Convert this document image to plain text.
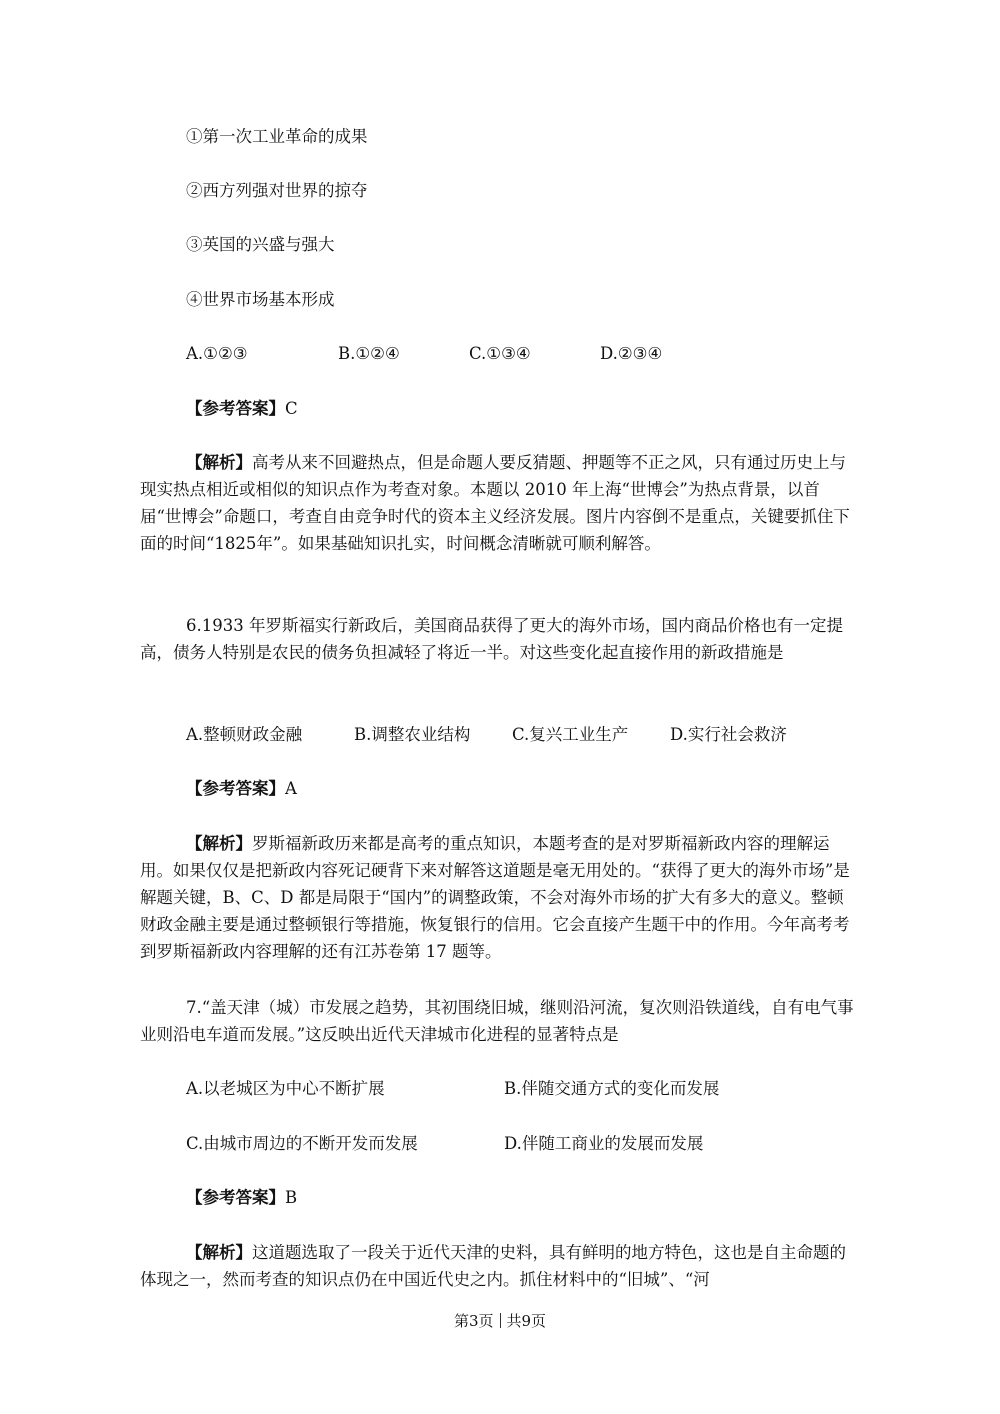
①第一次工业革命的成果
②西方列强对世界的掠夺
③英国的兴盛与强大
④世界市场基本形成
A.①②③	B.①②④	C.①③④	D.②③④
【参考答案】C
【解析】高考从来不回避热点，但是命题人要反猜题、押题等不正之风，只有通过历史上与现实热点相近或相似的知识点作为考查对象。本题以 2010 年上海“世博会”为热点背景，以首届“世博会”命题口，考查自由竞争时代的资本主义经济发展。图片内容倒不是重点，关键要抓住下面的时间“1825年”。如果基础知识扎实，时间概念清晰就可顺利解答。
6.1933 年罗斯福实行新政后，美国商品获得了更大的海外市场，国内商品价格也有一定提高，债务人特别是农民的债务负担减轻了将近一半。对这些变化起直接作用的新政措施是
A.整顿财政金融	B.调整农业结构	C.复兴工业生产	D.实行社会救济
【参考答案】A
【解析】罗斯福新政历来都是高考的重点知识，本题考查的是对罗斯福新政内容的理解运用。如果仅仅是把新政内容死记硬背下来对解答这道题是毫无用处的。“获得了更大的海外市场”是解题关键，B、C、D 都是局限于“国内”的调整政策，不会对海外市场的扩大有多大的意义。整顿财政金融主要是通过整顿银行等措施，恢复银行的信用。它会直接产生题干中的作用。今年高考考到罗斯福新政内容理解的还有江苏卷第 17 题等。
7.“盖天津（城）市发展之趋势，其初围绕旧城，继则沿河流，复次则沿铁道线，自有电气事业则沿电车道而发展。”这反映出近代天津城市化进程的显著特点是
A.以老城区为中心不断扩展	B.伴随交通方式的变化而发展
C.由城市周边的不断开发而发展	D.伴随工商业的发展而发展
【参考答案】B
【解析】这道题选取了一段关于近代天津的史料，具有鲜明的地方特色，这也是自主命题的体现之一，然而考查的知识点仍在中国近代史之内。抓住材料中的“旧城”、“河
第3页 共9页
